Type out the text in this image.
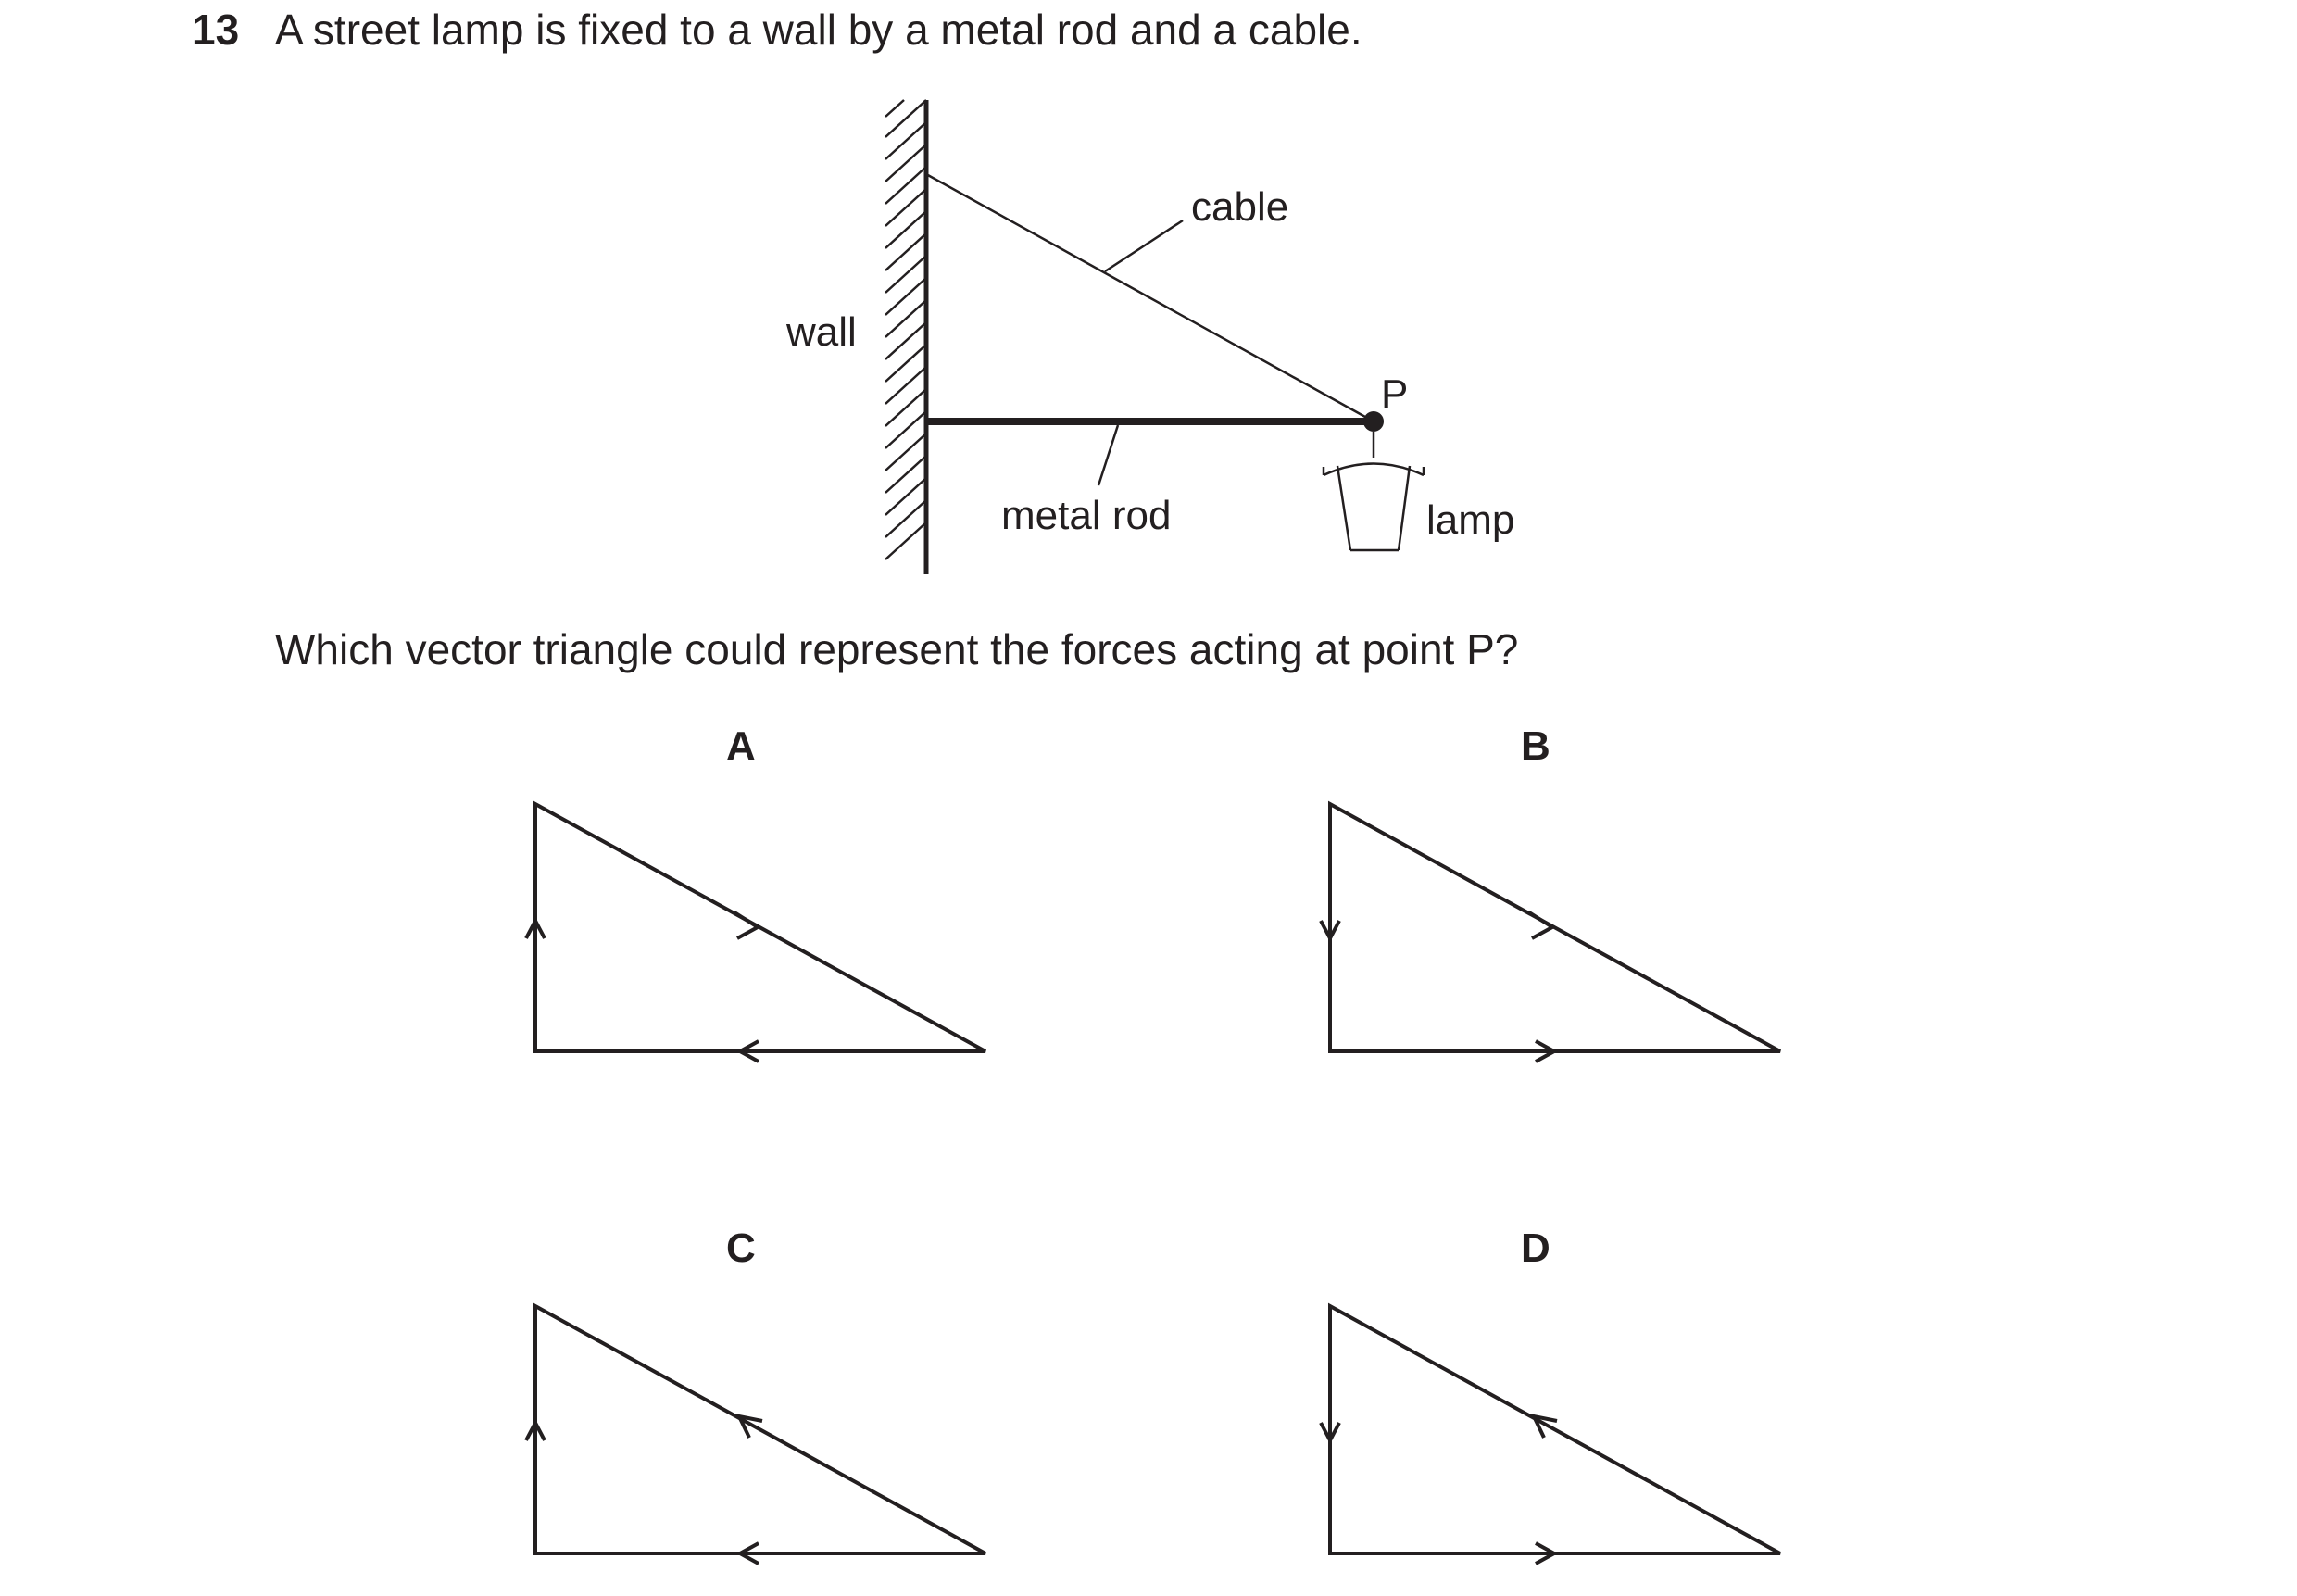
13 A street lamp is fixed to a wall by a metal rod and a cable.
wall
cable
P
metal rod	lamp
Which vector triangle could represent the forces acting at point P?
A	B
C	D
